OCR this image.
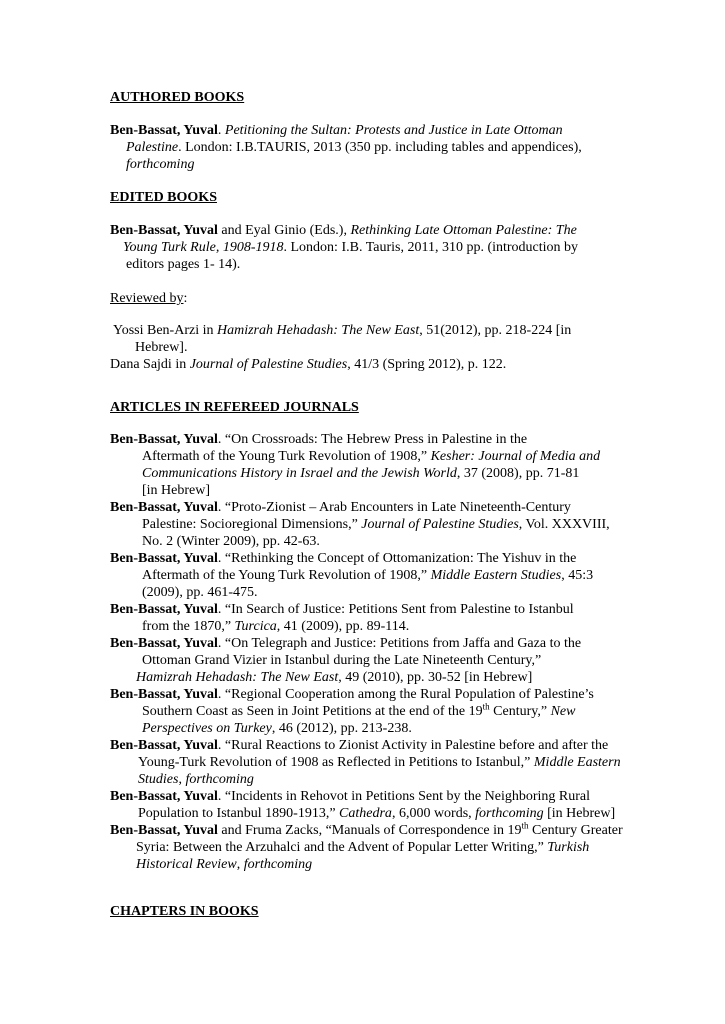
AUTHORED BOOKS
Ben-Bassat, Yuval. Petitioning the Sultan: Protests and Justice in Late Ottoman
Palestine. London: I.B.TAURIS, 2013 (350 pp. including tables and appendices),
forthcoming
EDITED BOOKS
Ben-Bassat, Yuval and Eyal Ginio (Eds.), Rethinking Late Ottoman Palestine: The
Young Turk Rule, 1908-1918. London: I.B. Tauris, 2011, 310 pp. (introduction by
editors pages 1- 14).
Reviewed by:
Yossi Ben-Arzi in Hamizrah Hehadash: The New East, 51(2012), pp. 218-224 [in
Hebrew].
Dana Sajdi in Journal of Palestine Studies, 41/3 (Spring 2012), p. 122.
ARTICLES IN REFEREED JOURNALS
Ben-Bassat, Yuval. “On Crossroads: The Hebrew Press in Palestine in the
Aftermath of the Young Turk Revolution of 1908,” Kesher: Journal of Media and
Communications History in Israel and the Jewish World, 37 (2008), pp. 71-81
[in Hebrew]
Ben-Bassat, Yuval. “Proto-Zionist – Arab Encounters in Late Nineteenth-Century
Palestine: Socioregional Dimensions,” Journal of Palestine Studies, Vol. XXXVIII,
No. 2 (Winter 2009), pp. 42-63.
Ben-Bassat, Yuval. “Rethinking the Concept of Ottomanization: The Yishuv in the
Aftermath of the Young Turk Revolution of 1908,” Middle Eastern Studies, 45:3
(2009), pp. 461-475.
Ben-Bassat, Yuval. “In Search of Justice: Petitions Sent from Palestine to Istanbul
from the 1870,” Turcica, 41 (2009), pp. 89-114.
Ben-Bassat, Yuval. “On Telegraph and Justice: Petitions from Jaffa and Gaza to the
Ottoman Grand Vizier in Istanbul during the Late Nineteenth Century,”
Hamizrah Hehadash: The New East, 49 (2010), pp. 30-52 [in Hebrew]
Ben-Bassat, Yuval. “Regional Cooperation among the Rural Population of Palestine’s
Southern Coast as Seen in Joint Petitions at the end of the 19th Century,” New
Perspectives on Turkey, 46 (2012), pp. 213-238.
Ben-Bassat, Yuval. “Rural Reactions to Zionist Activity in Palestine before and after the
Young-Turk Revolution of 1908 as Reflected in Petitions to Istanbul,” Middle Eastern
Studies, forthcoming
Ben-Bassat, Yuval. “Incidents in Rehovot in Petitions Sent by the Neighboring Rural
Population to Istanbul 1890-1913,” Cathedra, 6,000 words, forthcoming [in Hebrew]
Ben-Bassat, Yuval and Fruma Zacks, “Manuals of Correspondence in 19th Century Greater
Syria: Between the Arzuhalci and the Advent of Popular Letter Writing,” Turkish
Historical Review, forthcoming
CHAPTERS IN BOOKS
